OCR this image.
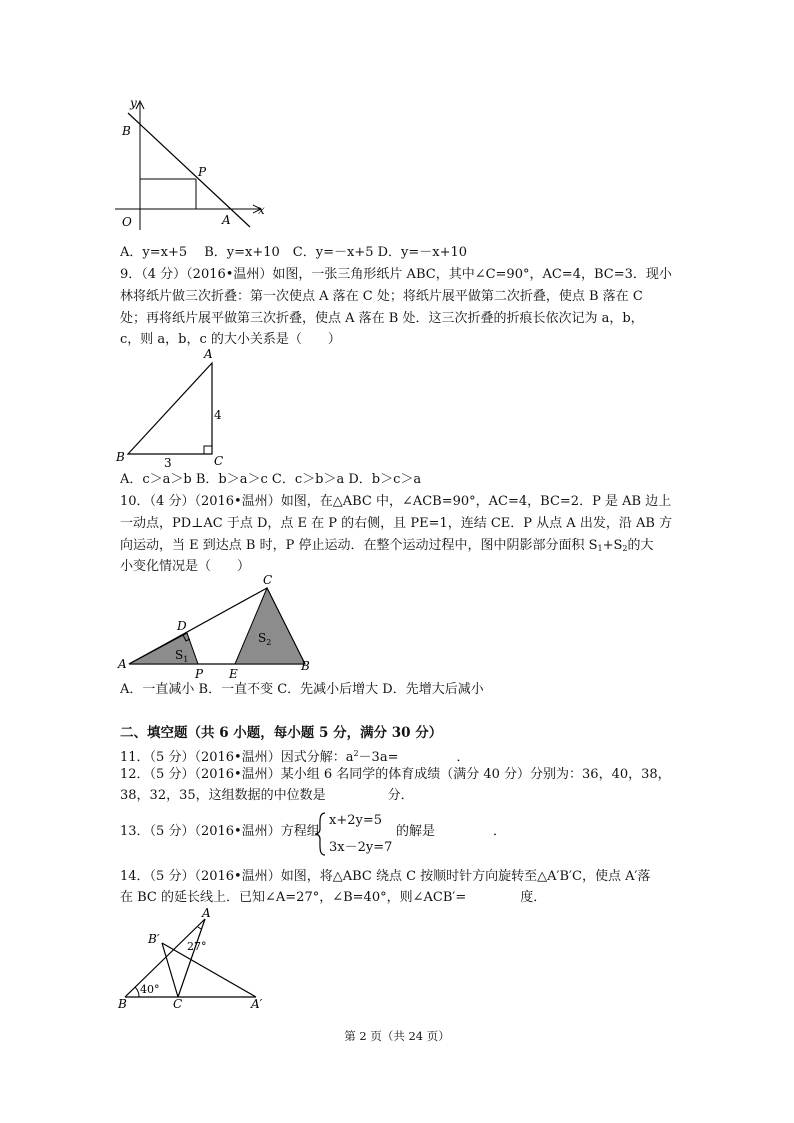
y
x
B
P
O	A
A．y=x+5　 B．y=x+10　C．y=－x+5 D．y=－x+10
9．（4 分）（2016•温州）如图，一张三角形纸片 ABC，其中∠C=90°，AC=4，BC=3．现小
林将纸片做三次折叠：第一次使点 A 落在 C 处；将纸片展平做第二次折叠，使点 B 落在 C
处；再将纸片展平做第三次折叠，使点 A 落在 B 处．这三次折叠的折痕长依次记为 a，b，
c，则 a，b，c 的大小关系是（　　）
A
B	C
4
3
A．c＞a＞b B．b＞a＞c C．c＞b＞a D．b＞c＞a
10．（4 分）（2016•温州）如图，在△ABC 中，∠ACB=90°，AC=4，BC=2．P 是 AB 边上
一动点，PD⊥AC 于点 D，点 E 在 P 的右侧，且 PE=1，连结 CE．P 从点 A 出发，沿 AB 方
向运动，当 E 到达点 B 时，P 停止运动．在整个运动过程中，图中阴影部分面积 $S_1+S_2$的大
小变化情况是（　　）
C
D
A
P E
B
$S_1$
$S_2$
A．一直减小 B．一直不变 C．先减小后增大 D．先增大后减小
二、填空题（共 6 小题，每小题 5 分，满分 30 分）
11．（5 分）（2016•温州）因式分解：$a^2-3a=$	．
12．（5 分）（2016•温州）某小组 6 名同学的体育成绩（满分 40 分）分别为：36，40，38，
38，32，35，这组数据的中位数是	分．
13．（5 分）（2016•温州）方程组
x+2y=5
3x－2y=7
的解是	．
14．（5 分）（2016•温州）如图，将△ABC 绕点 C 按顺时针方向旋转至△A′B′C，使点 A′落
在 BC 的延长线上．已知∠A=27°，∠B=40°，则∠ACB′=	度．
A
B′
27°
40°
B	C	A′
第 2 页（共 24 页）
